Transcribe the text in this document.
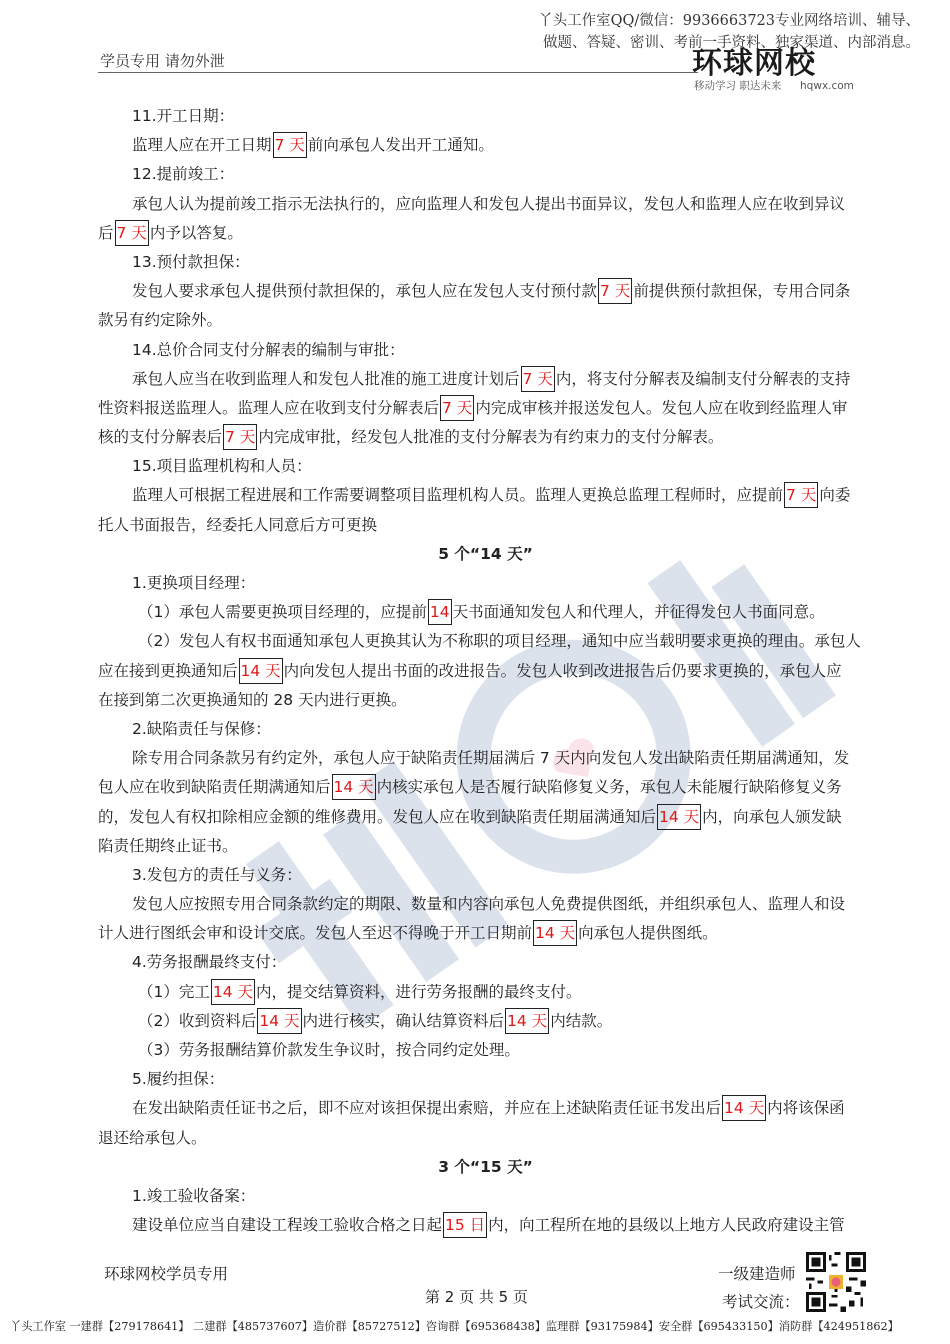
丫头工作室QQ/微信：9936663723专业网络培训、辅导、
做题、答疑、密训、考前一手资料、独家渠道、内部消息。
学员专用 请勿外泄	环球网校
移动学习 职达未来 hqwx.com
11.开工日期：
监理人应在开工日期 7 天 前向承包人发出开工通知。
12.提前竣工：
承包人认为提前竣工指示无法执行的，应向监理人和发包人提出书面异议，发包人和监理人应在收到异议
后 7 天 内予以答复。
13.预付款担保：
发包人要求承包人提供预付款担保的，承包人应在发包人支付预付款 7 天 前提供预付款担保，专用合同条
款另有约定除外。
14.总价合同支付分解表的编制与审批：
承包人应当在收到监理人和发包人批准的施工进度计划后 7 天 内，将支付分解表及编制支付分解表的支持
性资料报送监理人。监理人应在收到支付分解表后 7 天 内完成审核并报送发包人。发包人应在收到经监理人审
核的支付分解表后 7 天 内完成审批，经发包人批准的支付分解表为有约束力的支付分解表。
15.项目监理机构和人员：
监理人可根据工程进展和工作需要调整项目监理机构人员。监理人更换总监理工程师时，应提前 7 天 向委
托人书面报告，经委托人同意后方可更换
5 个“14 天”
1.更换项目经理：
（1）承包人需要更换项目经理的，应提前 14 天书面通知发包人和代理人，并征得发包人书面同意。
（2）发包人有权书面通知承包人更换其认为不称职的项目经理，通知中应当载明要求更换的理由。承包人
应在接到更换通知后 14 天 内向发包人提出书面的改进报告。发包人收到改进报告后仍要求更换的，承包人应
在接到第二次更换通知的 28 天内进行更换。
2.缺陷责任与保修：
除专用合同条款另有约定外，承包人应于缺陷责任期届满后 7 天内向发包人发出缺陷责任期届满通知，发
包人应在收到缺陷责任期满通知后 14 天 内核实承包人是否履行缺陷修复义务，承包人未能履行缺陷修复义务
的，发包人有权扣除相应金额的维修费用。发包人应在收到缺陷责任期届满通知后 14 天 内，向承包人颁发缺
陷责任期终止证书。
3.发包方的责任与义务：
发包人应按照专用合同条款约定的期限、数量和内容向承包人免费提供图纸，并组织承包人、监理人和设
计人进行图纸会审和设计交底。发包人至迟不得晚于开工日期前 14 天 向承包人提供图纸。
4.劳务报酬最终支付：
（1）完工 14 天 内，提交结算资料，进行劳务报酬的最终支付。
（2）收到资料后 14 天 内进行核实，确认结算资料后 14 天 内结款。
（3）劳务报酬结算价款发生争议时，按合同约定处理。
5.履约担保：
在发出缺陷责任证书之后，即不应对该担保提出索赔，并应在上述缺陷责任证书发出后 14 天 内将该保函
退还给承包人。
3 个“15 天”
1.竣工验收备案：
建设单位应当自建设工程竣工验收合格之日起 15 日 内，向工程所在地的县级以上地方人民政府建设主管
环球网校学员专用
第 2 页 共 5 页
一级建造师
考试交流：
丫头工作室 一建群【279178641】 二建群【485737607】造价群【85727512】咨询群【695368438】监理群【93175984】安全群【695433150】消防群【424951862】
